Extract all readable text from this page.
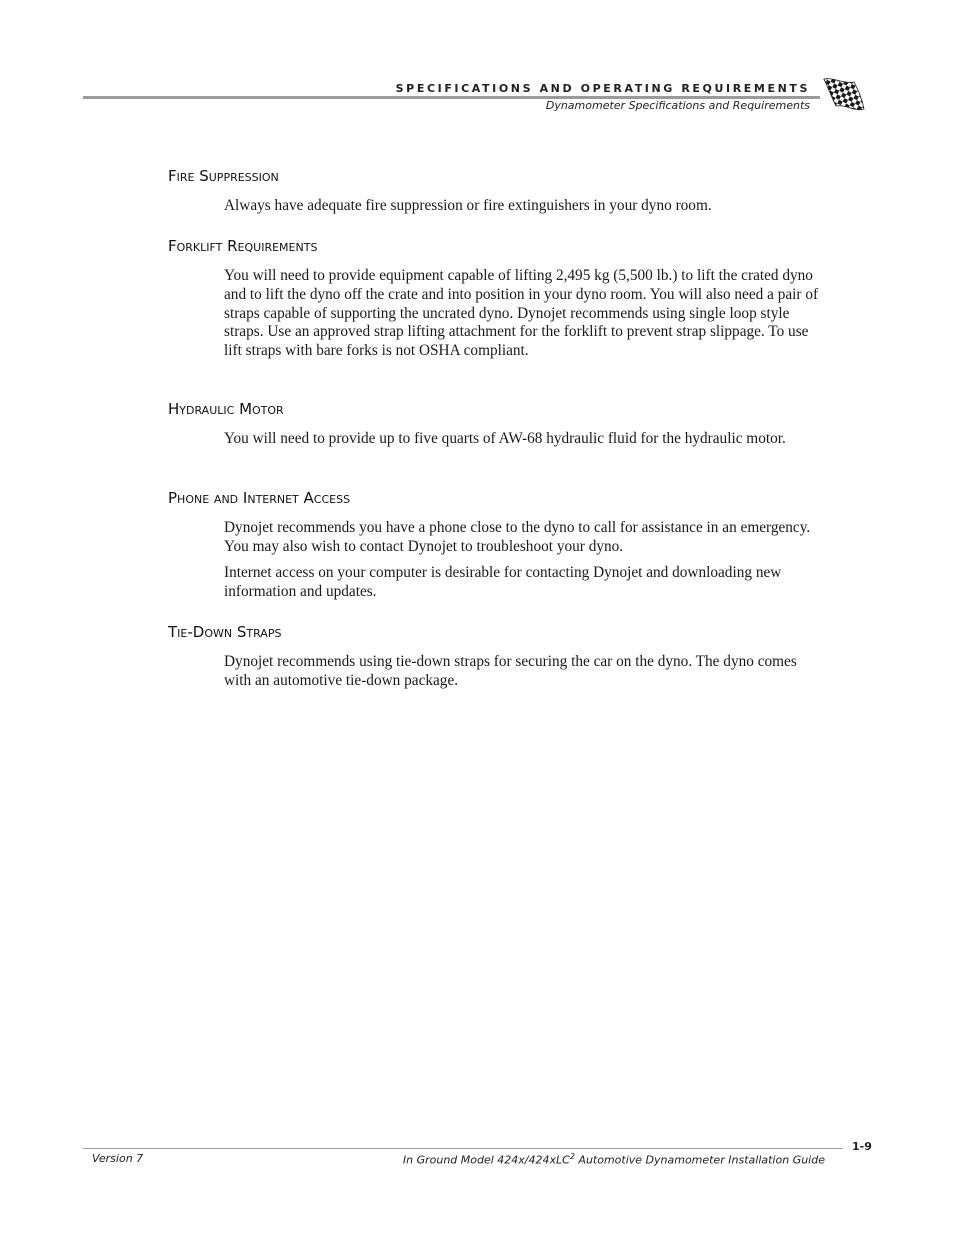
SPECIFICATIONS AND OPERATING REQUIREMENTS
Dynamometer Specifications and Requirements
Fire Suppression

Always have adequate fire suppression or fire extinguishers in your dyno room.

Forklift Requirements

You will need to provide equipment capable of lifting 2,495 kg (5,500 lb.) to lift the crated dyno and to lift the dyno off the crate and into position in your dyno room. You will also need a pair of straps capable of supporting the uncrated dyno. Dynojet recommends using single loop style straps. Use an approved strap lifting attachment for the forklift to prevent strap slippage. To use lift straps with bare forks is not OSHA compliant.

Hydraulic Motor

You will need to provide up to five quarts of AW-68 hydraulic fluid for the hydraulic motor.

Phone and Internet Access

Dynojet recommends you have a phone close to the dyno to call for assistance in an emergency. You may also wish to contact Dynojet to troubleshoot your dyno.

Internet access on your computer is desirable for contacting Dynojet and downloading new information and updates.

Tie-Down Straps

Dynojet recommends using tie-down straps for securing the car on the dyno. The dyno comes with an automotive tie-down package.

1-9
Version 7	In Ground Model 424x/424xLC$^2$ Automotive Dynamometer Installation Guide
